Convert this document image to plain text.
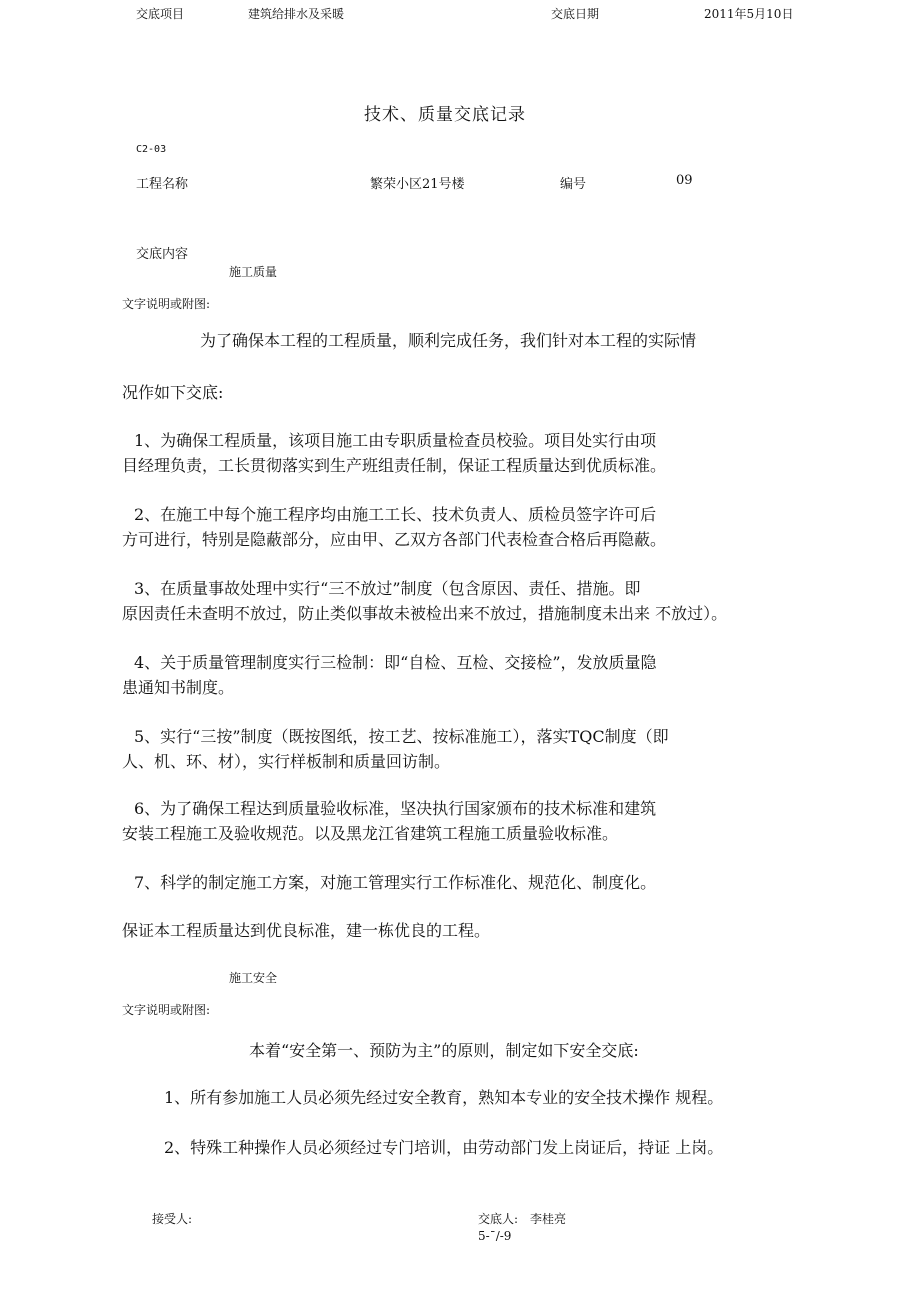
交底项目	建筑给排水及采暖	交底日期	2011年5月10日
技术、质量交底记录
C2-03
工程名称	繁荣小区21号楼	编号	09
交底内容
施工质量
文字说明或附图:
为了确保本工程的工程质量，顺利完成任务，我们针对本工程的实际情
况作如下交底:
1、为确保工程质量，该项目施工由专职质量检查员校验。项目处实行由项
目经理负责，工长贯彻落实到生产班组责任制，保证工程质量达到优质标准。
2、在施工中每个施工程序均由施工工长、技术负责人、质检员签字许可后
方可进行，特别是隐蔽部分，应由甲、乙双方各部门代表检查合格后再隐蔽。
3、在质量事故处理中实行“三不放过”制度（包含原因、责任、措施。即
原因责任未查明不放过，防止类似事故未被检出来不放过，措施制度未出来 不放过）。
4、关于质量管理制度实行三检制：即“自检、互检、交接检”，发放质量隐
患通知书制度。
5、实行“三按”制度（既按图纸，按工艺、按标准施工），落实TQC制度（即
人、机、环、材），实行样板制和质量回访制。
6、为了确保工程达到质量验收标准，坚决执行国家颁布的技术标准和建筑
安装工程施工及验收规范。以及黑龙江省建筑工程施工质量验收标准。
7、科学的制定施工方案，对施工管理实行工作标准化、规范化、制度化。
保证本工程质量达到优良标准，建一栋优良的工程。
施工安全
文字说明或附图:
本着“安全第一、预防为主”的原则，制定如下安全交底:
1、所有参加施工人员必须先经过安全教育，熟知本专业的安全技术操作 规程。
2、特殊工种操作人员必须经过专门培训，由劳动部门发上岗证后，持证 上岗。
接受人:	交底人: 李桂亮
5-ˉ/-9
